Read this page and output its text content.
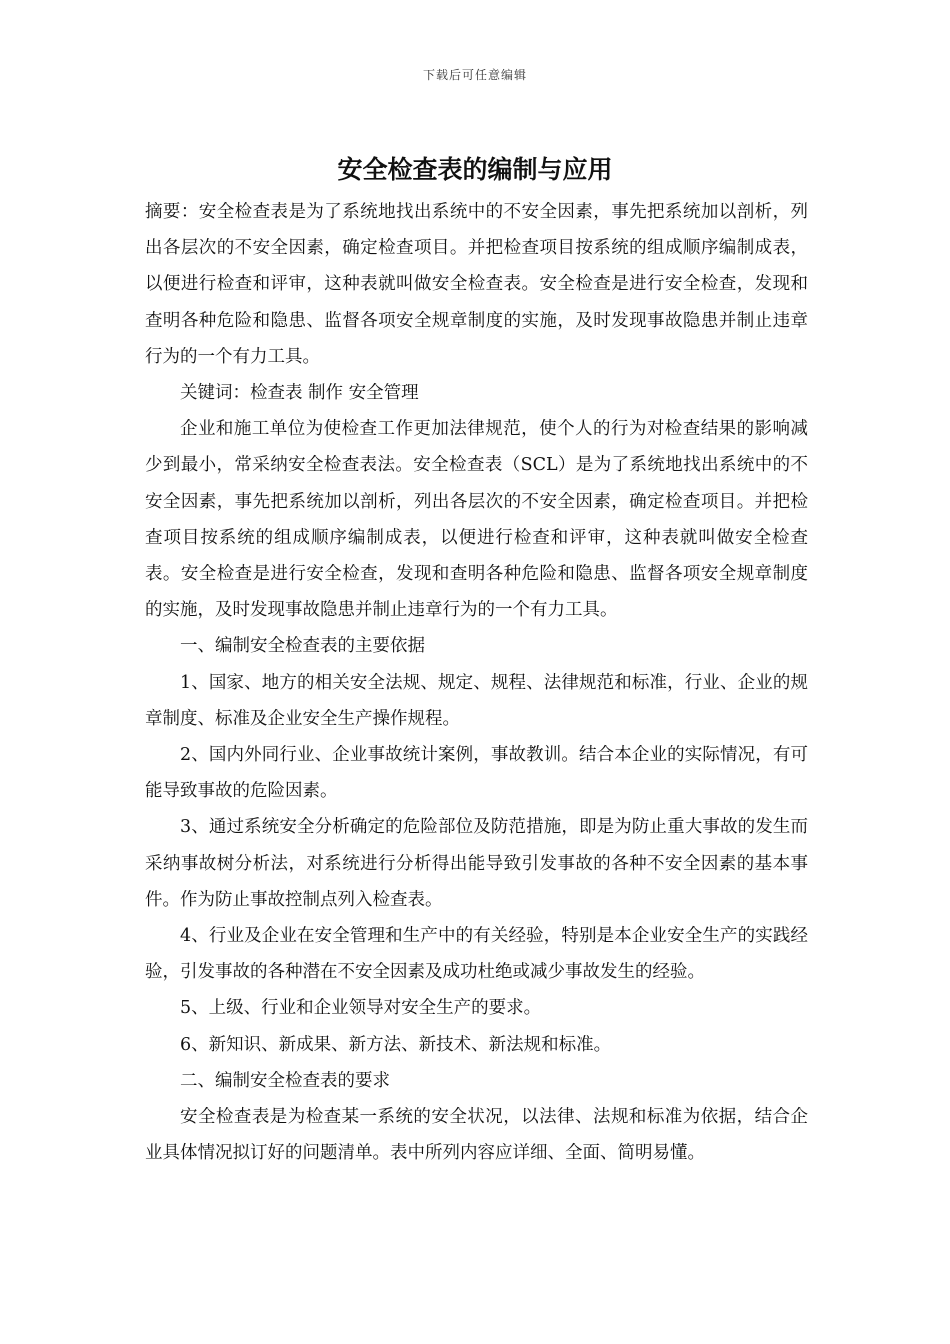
下载后可任意编辑
安全检查表的编制与应用

摘要：安全检查表是为了系统地找出系统中的不安全因素，事先把系统加以剖析，列出各层次的不安全因素，确定检查项目。并把检查项目按系统的组成顺序编制成表，以便进行检查和评审，这种表就叫做安全检查表。安全检查是进行安全检查，发现和查明各种危险和隐患、监督各项安全规章制度的实施，及时发现事故隐患并制止违章行为的一个有力工具。

关键词：检查表 制作 安全管理

企业和施工单位为使检查工作更加法律规范，使个人的行为对检查结果的影响减少到最小，常采纳安全检查表法。安全检查表（SCL）是为了系统地找出系统中的不安全因素，事先把系统加以剖析，列出各层次的不安全因素，确定检查项目。并把检查项目按系统的组成顺序编制成表，以便进行检查和评审，这种表就叫做安全检查表。安全检查是进行安全检查，发现和查明各种危险和隐患、监督各项安全规章制度的实施，及时发现事故隐患并制止违章行为的一个有力工具。

一、编制安全检查表的主要依据

1、国家、地方的相关安全法规、规定、规程、法律规范和标准，行业、企业的规章制度、标准及企业安全生产操作规程。

2、国内外同行业、企业事故统计案例，事故教训。结合本企业的实际情况，有可能导致事故的危险因素。

3、通过系统安全分析确定的危险部位及防范措施，即是为防止重大事故的发生而采纳事故树分析法，对系统进行分析得出能导致引发事故的各种不安全因素的基本事件。作为防止事故控制点列入检查表。

4、行业及企业在安全管理和生产中的有关经验，特别是本企业安全生产的实践经验，引发事故的各种潜在不安全因素及成功杜绝或减少事故发生的经验。

5、上级、行业和企业领导对安全生产的要求。

6、新知识、新成果、新方法、新技术、新法规和标准。

二、编制安全检查表的要求

安全检查表是为检查某一系统的安全状况，以法律、法规和标准为依据，结合企业具体情况拟订好的问题清单。表中所列内容应详细、全面、简明易懂。
